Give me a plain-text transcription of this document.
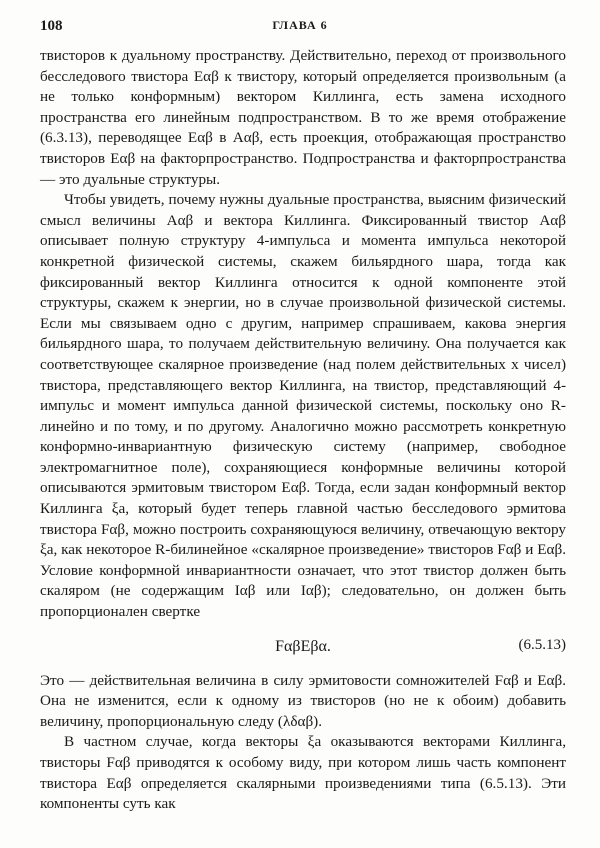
108	ГЛАВА 6

твисторов к дуальному пространству. Действительно, переход от произвольного бесследового твистора Eαβ к твистору, который определяется произвольным (а не только конформным) вектором Киллинга, есть замена исходного пространства его линейным подпространством. В то же время отображение (6.3.13), переводящее Eαβ в Aαβ, есть проекция, отображающая пространство твисторов Eαβ на факторпространство. Подпространства и факторпространства — это дуальные структуры.

Чтобы увидеть, почему нужны дуальные пространства, выясним физический смысл величины Aαβ и вектора Киллинга. Фиксированный твистор Aαβ описывает полную структуру 4-импульса и момента импульса некоторой конкретной физической системы, скажем бильярдного шара, тогда как фиксированный вектор Киллинга относится к одной компоненте этой структуры, скажем к энергии, но в случае произвольной физической системы. Если мы связываем одно с другим, например спрашиваем, какова энергия бильярдного шара, то получаем действительную величину. Она получается как соответствующее скалярное произведение (над полем действительных x чисел) твистора, представляющего вектор Киллинга, на твистор, представляющий 4-импульс и момент импульса данной физической системы, поскольку оно R-линейно и по тому, и по другому. Аналогично можно рассмотреть конкретную конформно-инвариантную физическую систему (например, свободное электромагнитное поле), сохраняющиеся конформные величины которой описываются эрмитовым твистором Eαβ. Тогда, если задан конформный вектор Киллинга ξa, который будет теперь главной частью бесследового эрмитова твистора Fαβ, можно построить сохраняющуюся величину, отвечающую вектору ξa, как некоторое R-билинейное «скалярное произведение» твисторов Fαβ и Eαβ. Условие конформной инвариантности означает, что этот твистор должен быть скаляром (не содержащим Iαβ или Iαβ); следовательно, он должен быть пропорционален свертке

FαβEβα.	(6.5.13)

Это — действительная величина в силу эрмитовости сомножителей Fαβ и Eαβ. Она не изменится, если к одному из твисторов (но не к обоим) добавить величину, пропорциональную следу (λδαβ).

В частном случае, когда векторы ξa оказываются векторами Киллинга, твисторы Fαβ приводятся к особому виду, при котором лишь часть компонент твистора Eαβ определяется скалярными произведениями типа (6.5.13). Эти компоненты суть как
